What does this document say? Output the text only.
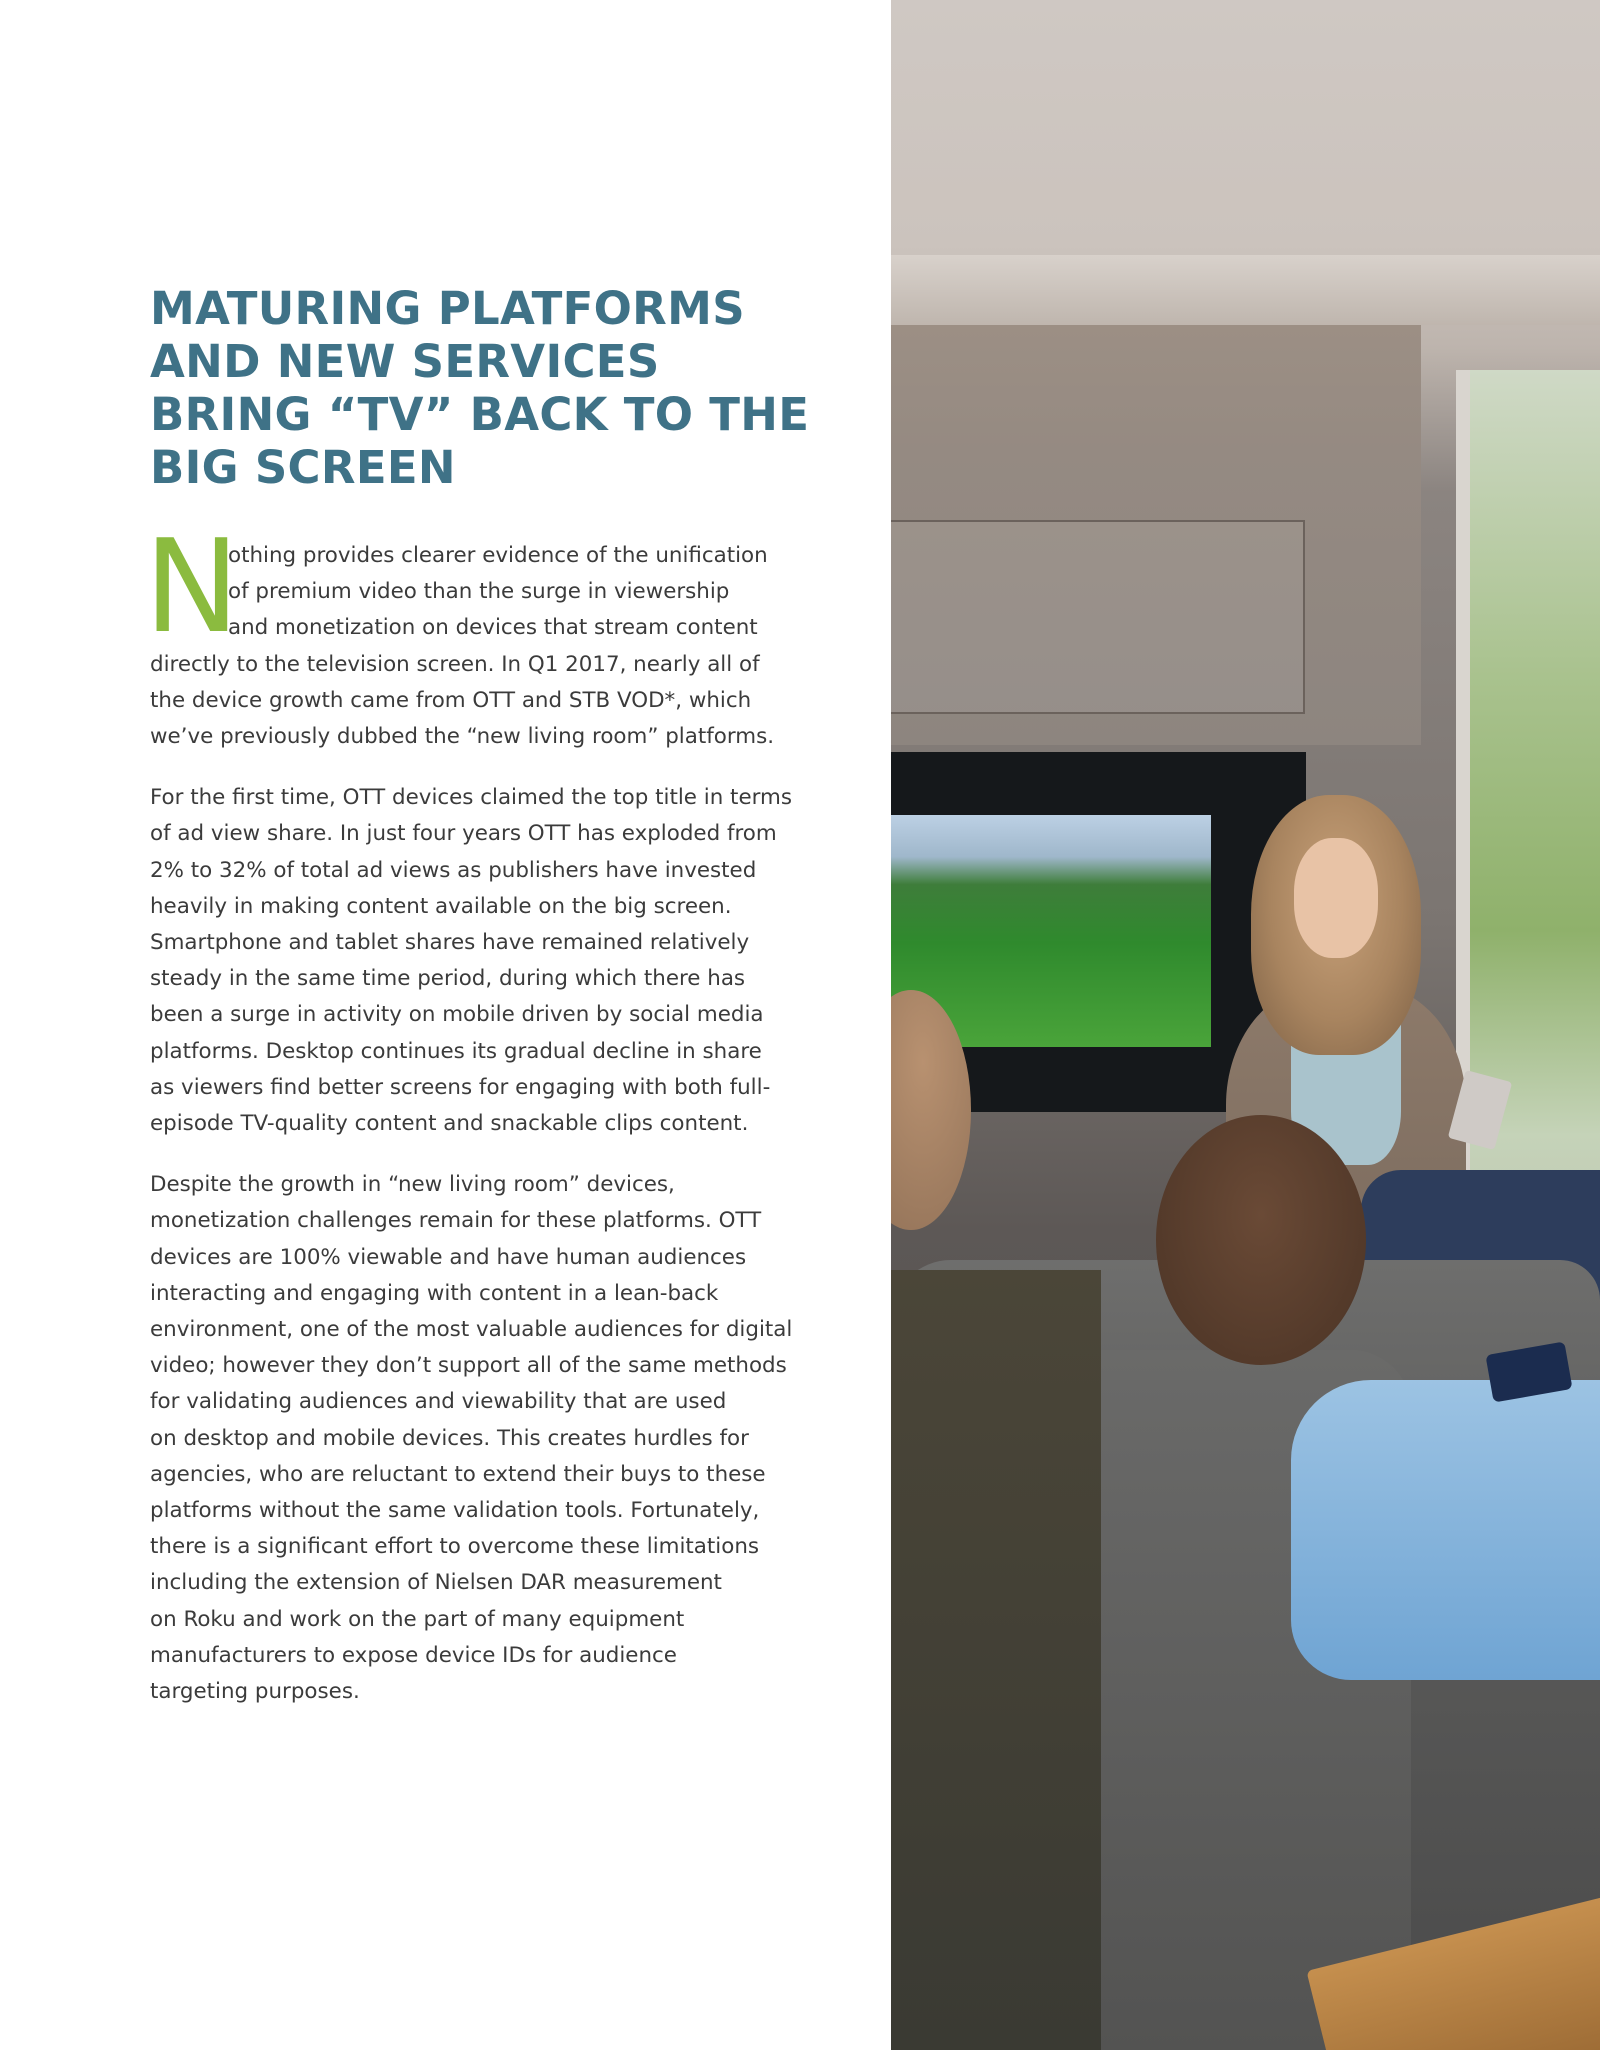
MATURING PLATFORMS
AND NEW SERVICES
BRING “TV” BACK TO THE
BIG SCREEN

N
othing provides clearer evidence of the unification
of premium video than the surge in viewership
and monetization on devices that stream content
directly to the television screen. In Q1 2017, nearly all of
the device growth came from OTT and STB VOD*, which
we’ve previously dubbed the “new living room” platforms.

For the first time, OTT devices claimed the top title in terms
of ad view share. In just four years OTT has exploded from
2% to 32% of total ad views as publishers have invested
heavily in making content available on the big screen.
Smartphone and tablet shares have remained relatively
steady in the same time period, during which there has
been a surge in activity on mobile driven by social media
platforms. Desktop continues its gradual decline in share
as viewers find better screens for engaging with both full-
episode TV-quality content and snackable clips content.

Despite the growth in “new living room” devices,
monetization challenges remain for these platforms. OTT
devices are 100% viewable and have human audiences
interacting and engaging with content in a lean-back
environment, one of the most valuable audiences for digital
video; however they don’t support all of the same methods
for validating audiences and viewability that are used
on desktop and mobile devices. This creates hurdles for
agencies, who are reluctant to extend their buys to these
platforms without the same validation tools. Fortunately,
there is a significant effort to overcome these limitations
including the extension of Nielsen DAR measurement
on Roku and work on the part of many equipment
manufacturers to expose device IDs for audience
targeting purposes.
